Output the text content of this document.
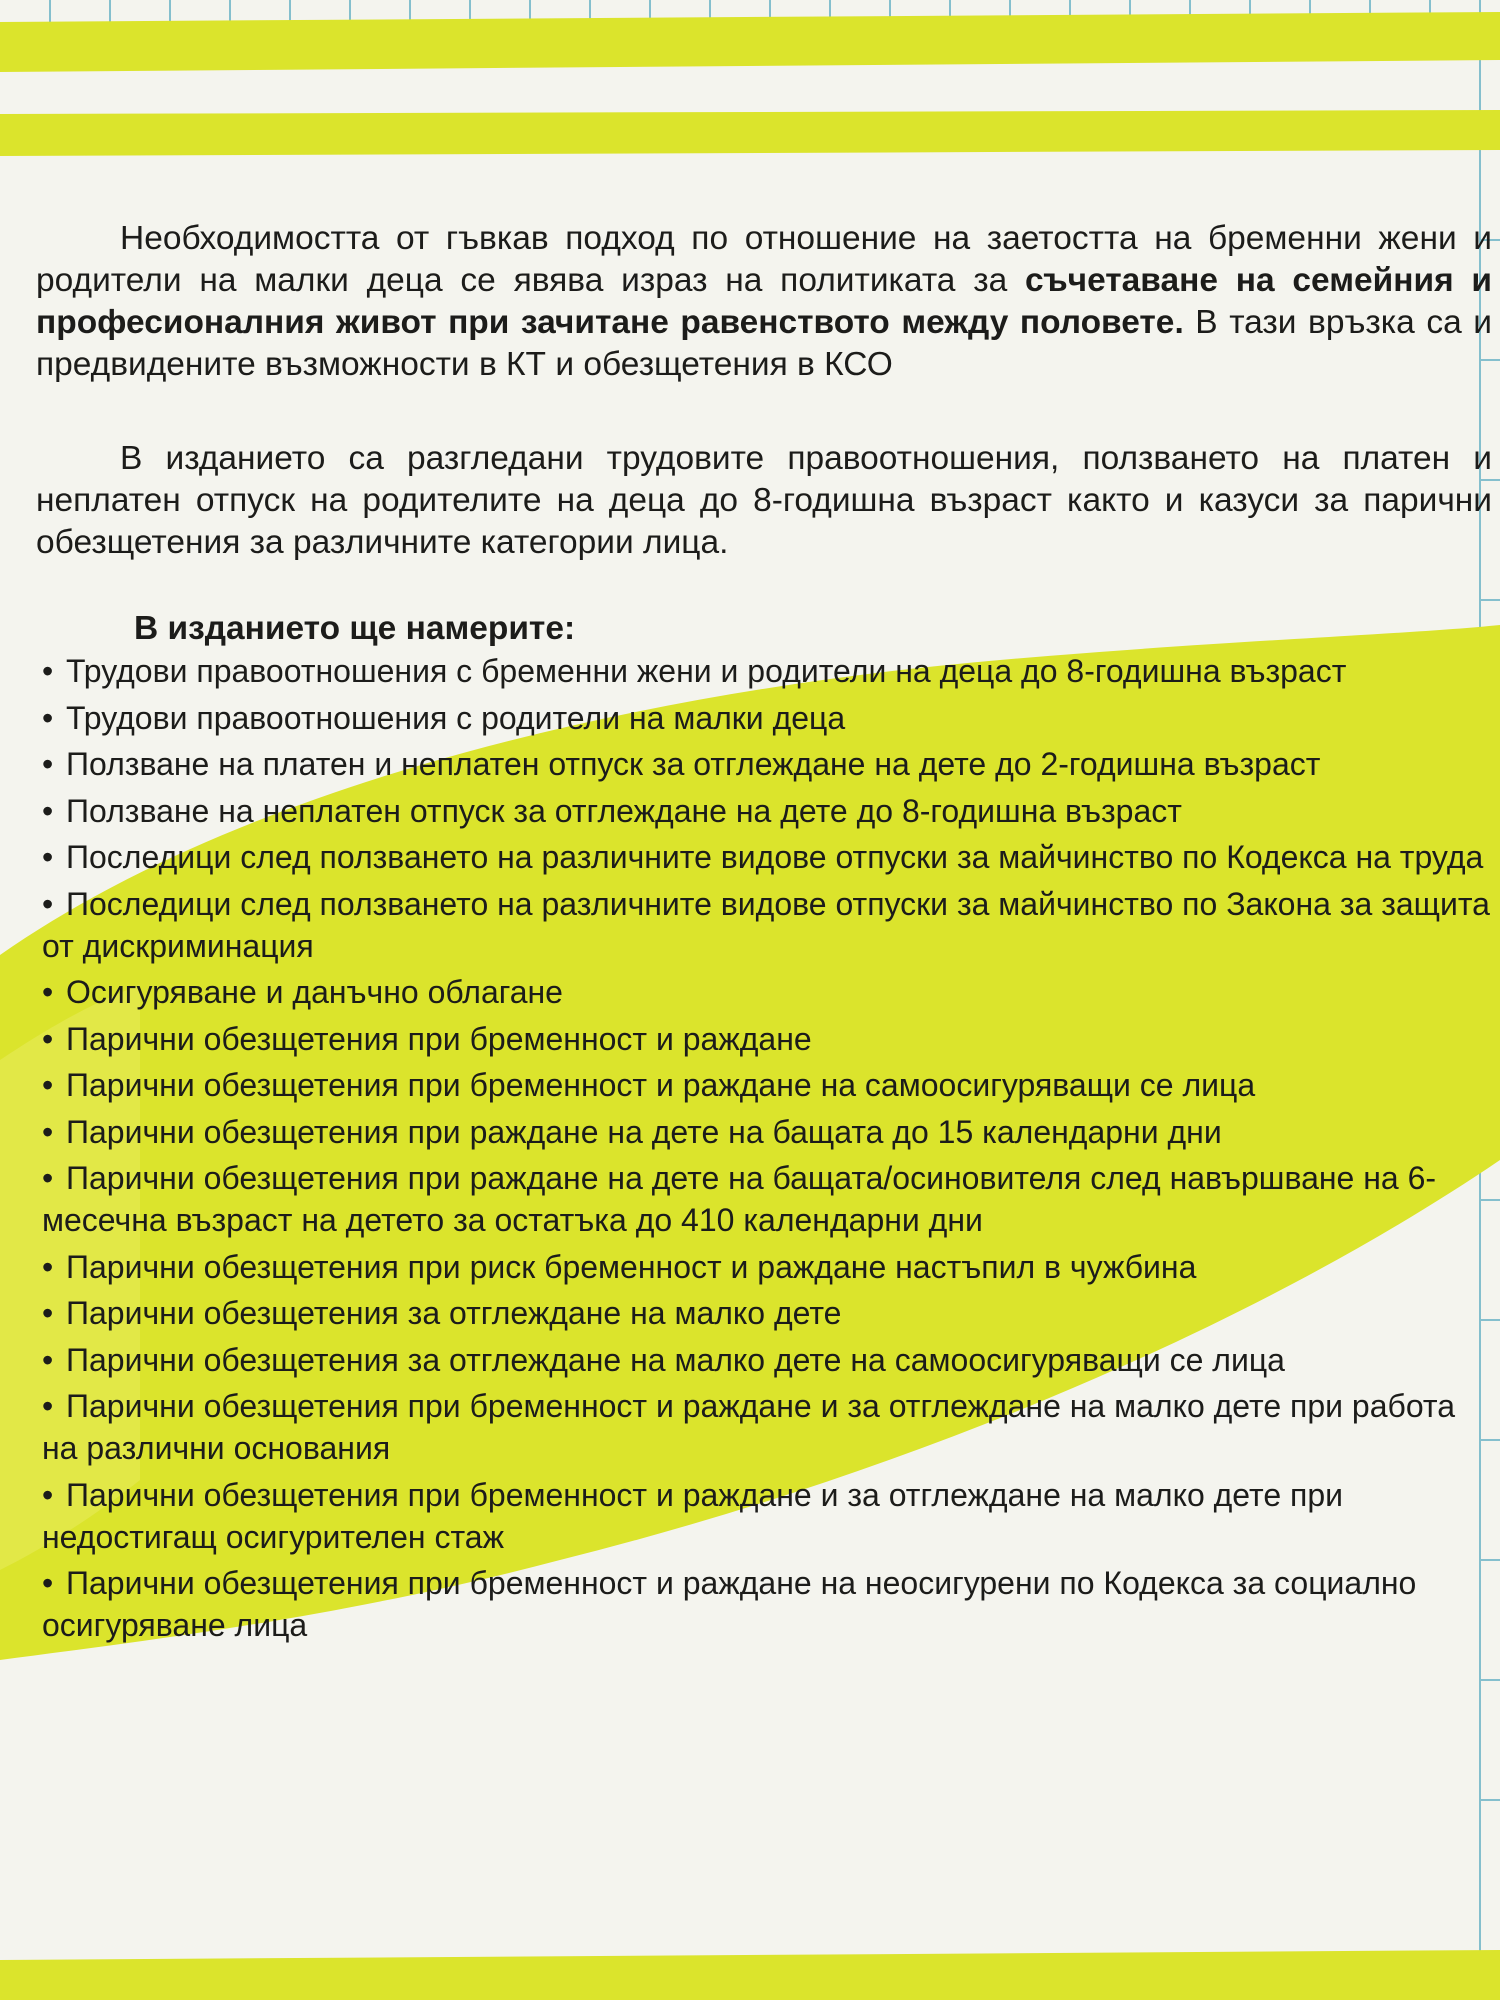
Необходимостта от гъвкав подход по отношение на заетостта на бременни жени и родители на малки деца се явява израз на политиката за съчетаване на семейния и професионалния живот при зачитане равенството между половете. В тази връзка са и предвидените възможности в КТ и обезщетения в КСО

В изданието са разгледани трудовите правоотношения, ползването на платен и неплатен отпуск на родителите на деца до 8-годишна възраст както и казуси за парични обезщетения за различните категории лица.

В изданието ще намерите:
• Трудови правоотношения с бременни жени и родители на деца до 8-годишна възраст
• Трудови правоотношения с родители на малки деца
• Ползване на платен и неплатен отпуск за отглеждане на дете до 2-годишна възраст
• Ползване на неплатен отпуск за отглеждане на дете до 8-годишна възраст
• Последици след ползването на различните видове отпуски за майчинство по Кодекса на труда
• Последици след ползването на различните видове отпуски за майчинство по Закона за защита от дискриминация
• Осигуряване и данъчно облагане
• Парични обезщетения при бременност и раждане
• Парични обезщетения при бременност и раждане на самоосигуряващи се лица
• Парични обезщетения при раждане на дете на бащата до 15 календарни дни
• Парични обезщетения при раждане на дете на бащата/осиновителя след навършване на 6-месечна възраст на детето за остатъка до 410 календарни дни
• Парични обезщетения при риск бременност и раждане настъпил в чужбина
• Парични обезщетения за отглеждане на малко дете
• Парични обезщетения за отглеждане на малко дете на самоосигуряващи се лица
• Парични обезщетения при бременност и раждане и за отглеждане на малко дете при работа на различни основания
• Парични обезщетения при бременност и раждане и за отглеждане на малко дете при недостигащ осигурителен стаж
• Парични обезщетения при бременност и раждане на неосигурени по Кодекса за социално осигуряване лица
